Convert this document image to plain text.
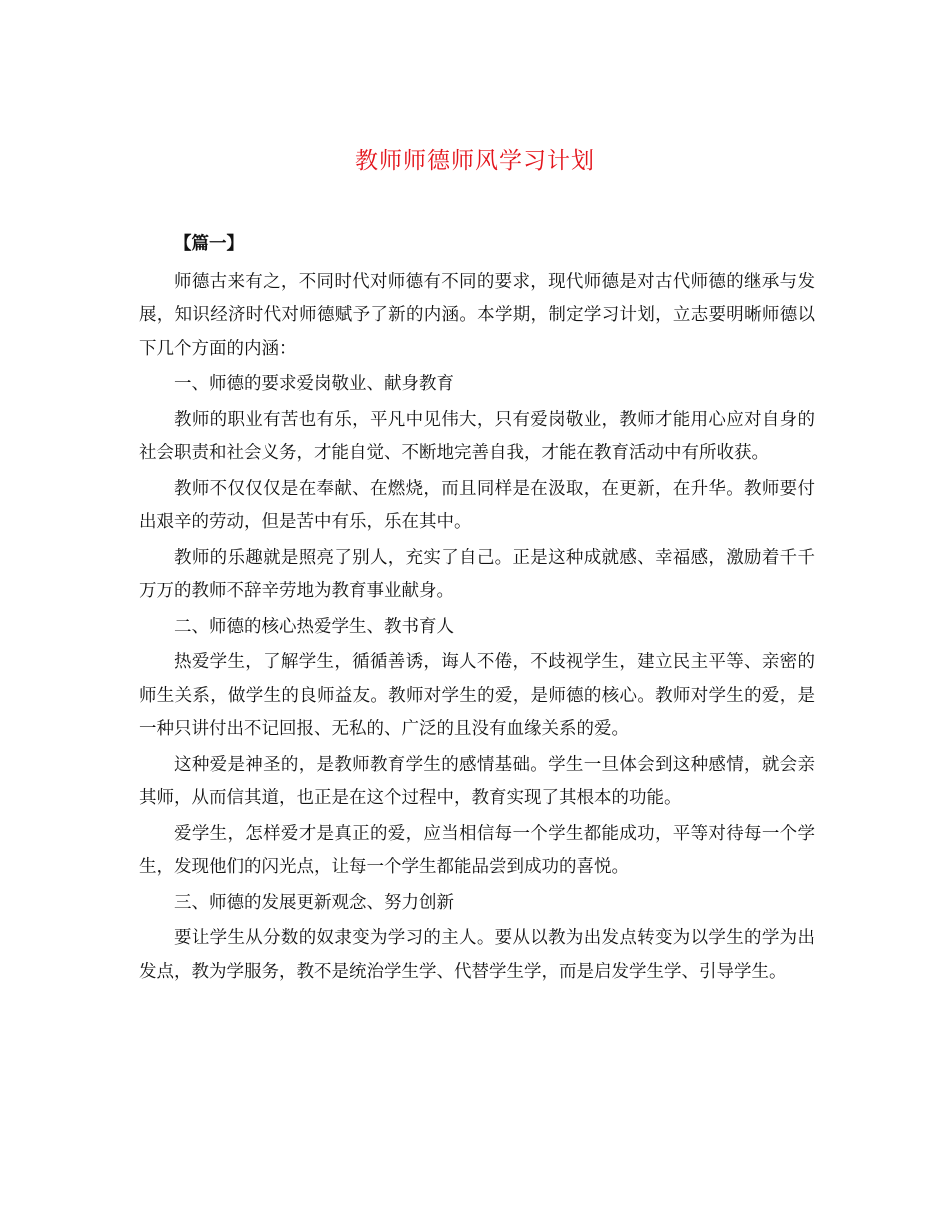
教师师德师风学习计划

【篇一】

师德古来有之，不同时代对师德有不同的要求，现代师德是对古代师德的继承与发展，知识经济时代对师德赋予了新的内涵。本学期，制定学习计划，立志要明晰师德以下几个方面的内涵：

一、师德的要求爱岗敬业、献身教育

教师的职业有苦也有乐，平凡中见伟大，只有爱岗敬业，教师才能用心应对自身的社会职责和社会义务，才能自觉、不断地完善自我，才能在教育活动中有所收获。

教师不仅仅仅是在奉献、在燃烧，而且同样是在汲取，在更新，在升华。教师要付出艰辛的劳动，但是苦中有乐，乐在其中。

教师的乐趣就是照亮了别人，充实了自己。正是这种成就感、幸福感，激励着千千万万的教师不辞辛劳地为教育事业献身。

二、师德的核心热爱学生、教书育人

热爱学生，了解学生，循循善诱，诲人不倦，不歧视学生，建立民主平等、亲密的师生关系，做学生的良师益友。教师对学生的爱，是师德的核心。教师对学生的爱，是一种只讲付出不记回报、无私的、广泛的且没有血缘关系的爱。

这种爱是神圣的，是教师教育学生的感情基础。学生一旦体会到这种感情，就会亲其师，从而信其道，也正是在这个过程中，教育实现了其根本的功能。

爱学生，怎样爱才是真正的爱，应当相信每一个学生都能成功，平等对待每一个学生，发现他们的闪光点，让每一个学生都能品尝到成功的喜悦。

三、师德的发展更新观念、努力创新

要让学生从分数的奴隶变为学习的主人。要从以教为出发点转变为以学生的学为出发点，教为学服务，教不是统治学生学、代替学生学，而是启发学生学、引导学生。
